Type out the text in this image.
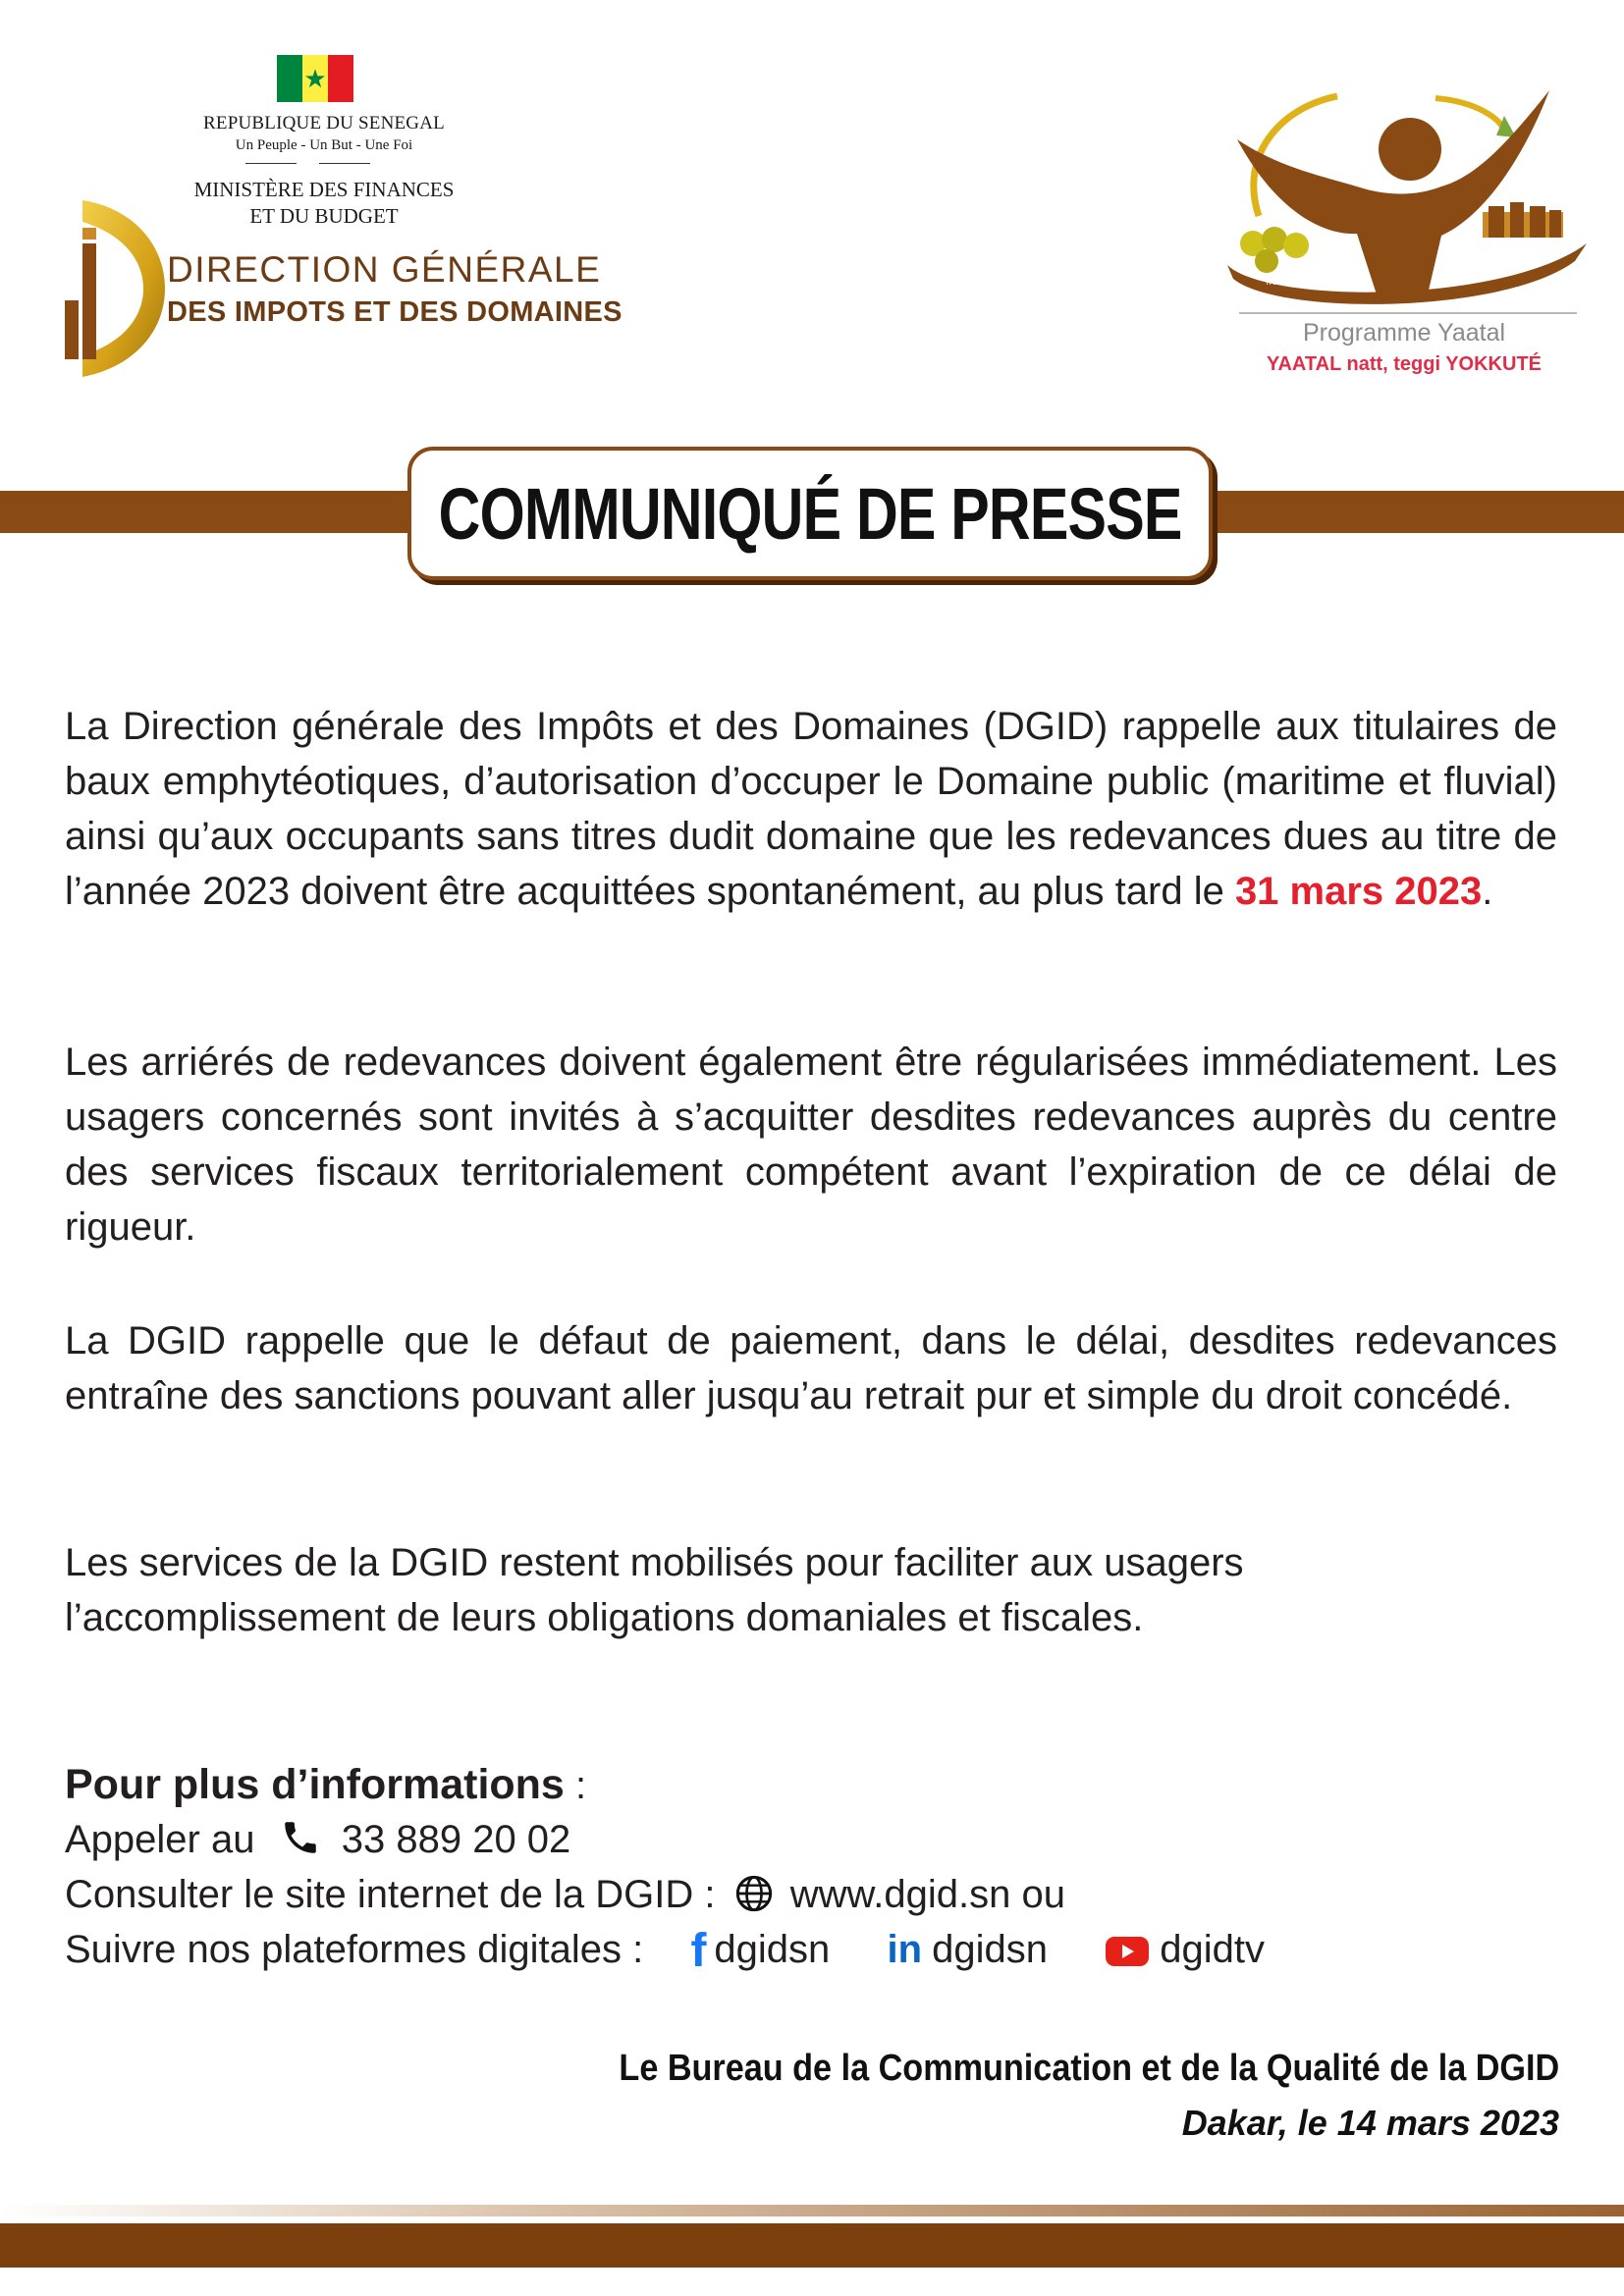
★
REPUBLIQUE DU SENEGAL
Un Peuple - Un But - Une Foi
MINISTÈRE DES FINANCES
ET DU BUDGET
DIRECTION GÉNÉRALE
DES IMPOTS ET DES DOMAINES
YAATAL NATT
YOKKUTÉ
Programme Yaatal
YAATAL natt, teggi YOKKUTÉ
COMMUNIQUÉ DE PRESSE

La Direction générale des Impôts et des Domaines (DGID) rappelle aux titulaires de baux emphytéotiques, d’autorisation d’occuper le Domaine public (maritime et fluvial) ainsi qu’aux occupants sans titres dudit domaine que les redevances dues au titre de l’année 2023 doivent être acquittées spontanément, au plus tard le 31 mars 2023.

Les arriérés de redevances doivent également être régularisées immédiatement. Les usagers concernés sont invités à s’acquitter desdites redevances auprès du centre des services fiscaux territorialement compétent avant l’expiration de ce délai de rigueur.

La DGID rappelle que le défaut de paiement, dans le délai, desdites redevances entraîne des sanctions pouvant aller jusqu’au retrait pur et simple du droit concédé.

Les services de la DGID restent mobilisés pour faciliter aux usagers
l’accomplissement de leurs obligations domaniales et fiscales.

Pour plus d’informations :
Appeler au 33 889 20 02
Consulter le site internet de la DGID : www.dgid.sn ou
Suivre nos plateformes digitales : f dgidsn in dgidsn	dgidtv
Le Bureau de la Communication et de la Qualité de la DGID
Dakar, le 14 mars 2023
